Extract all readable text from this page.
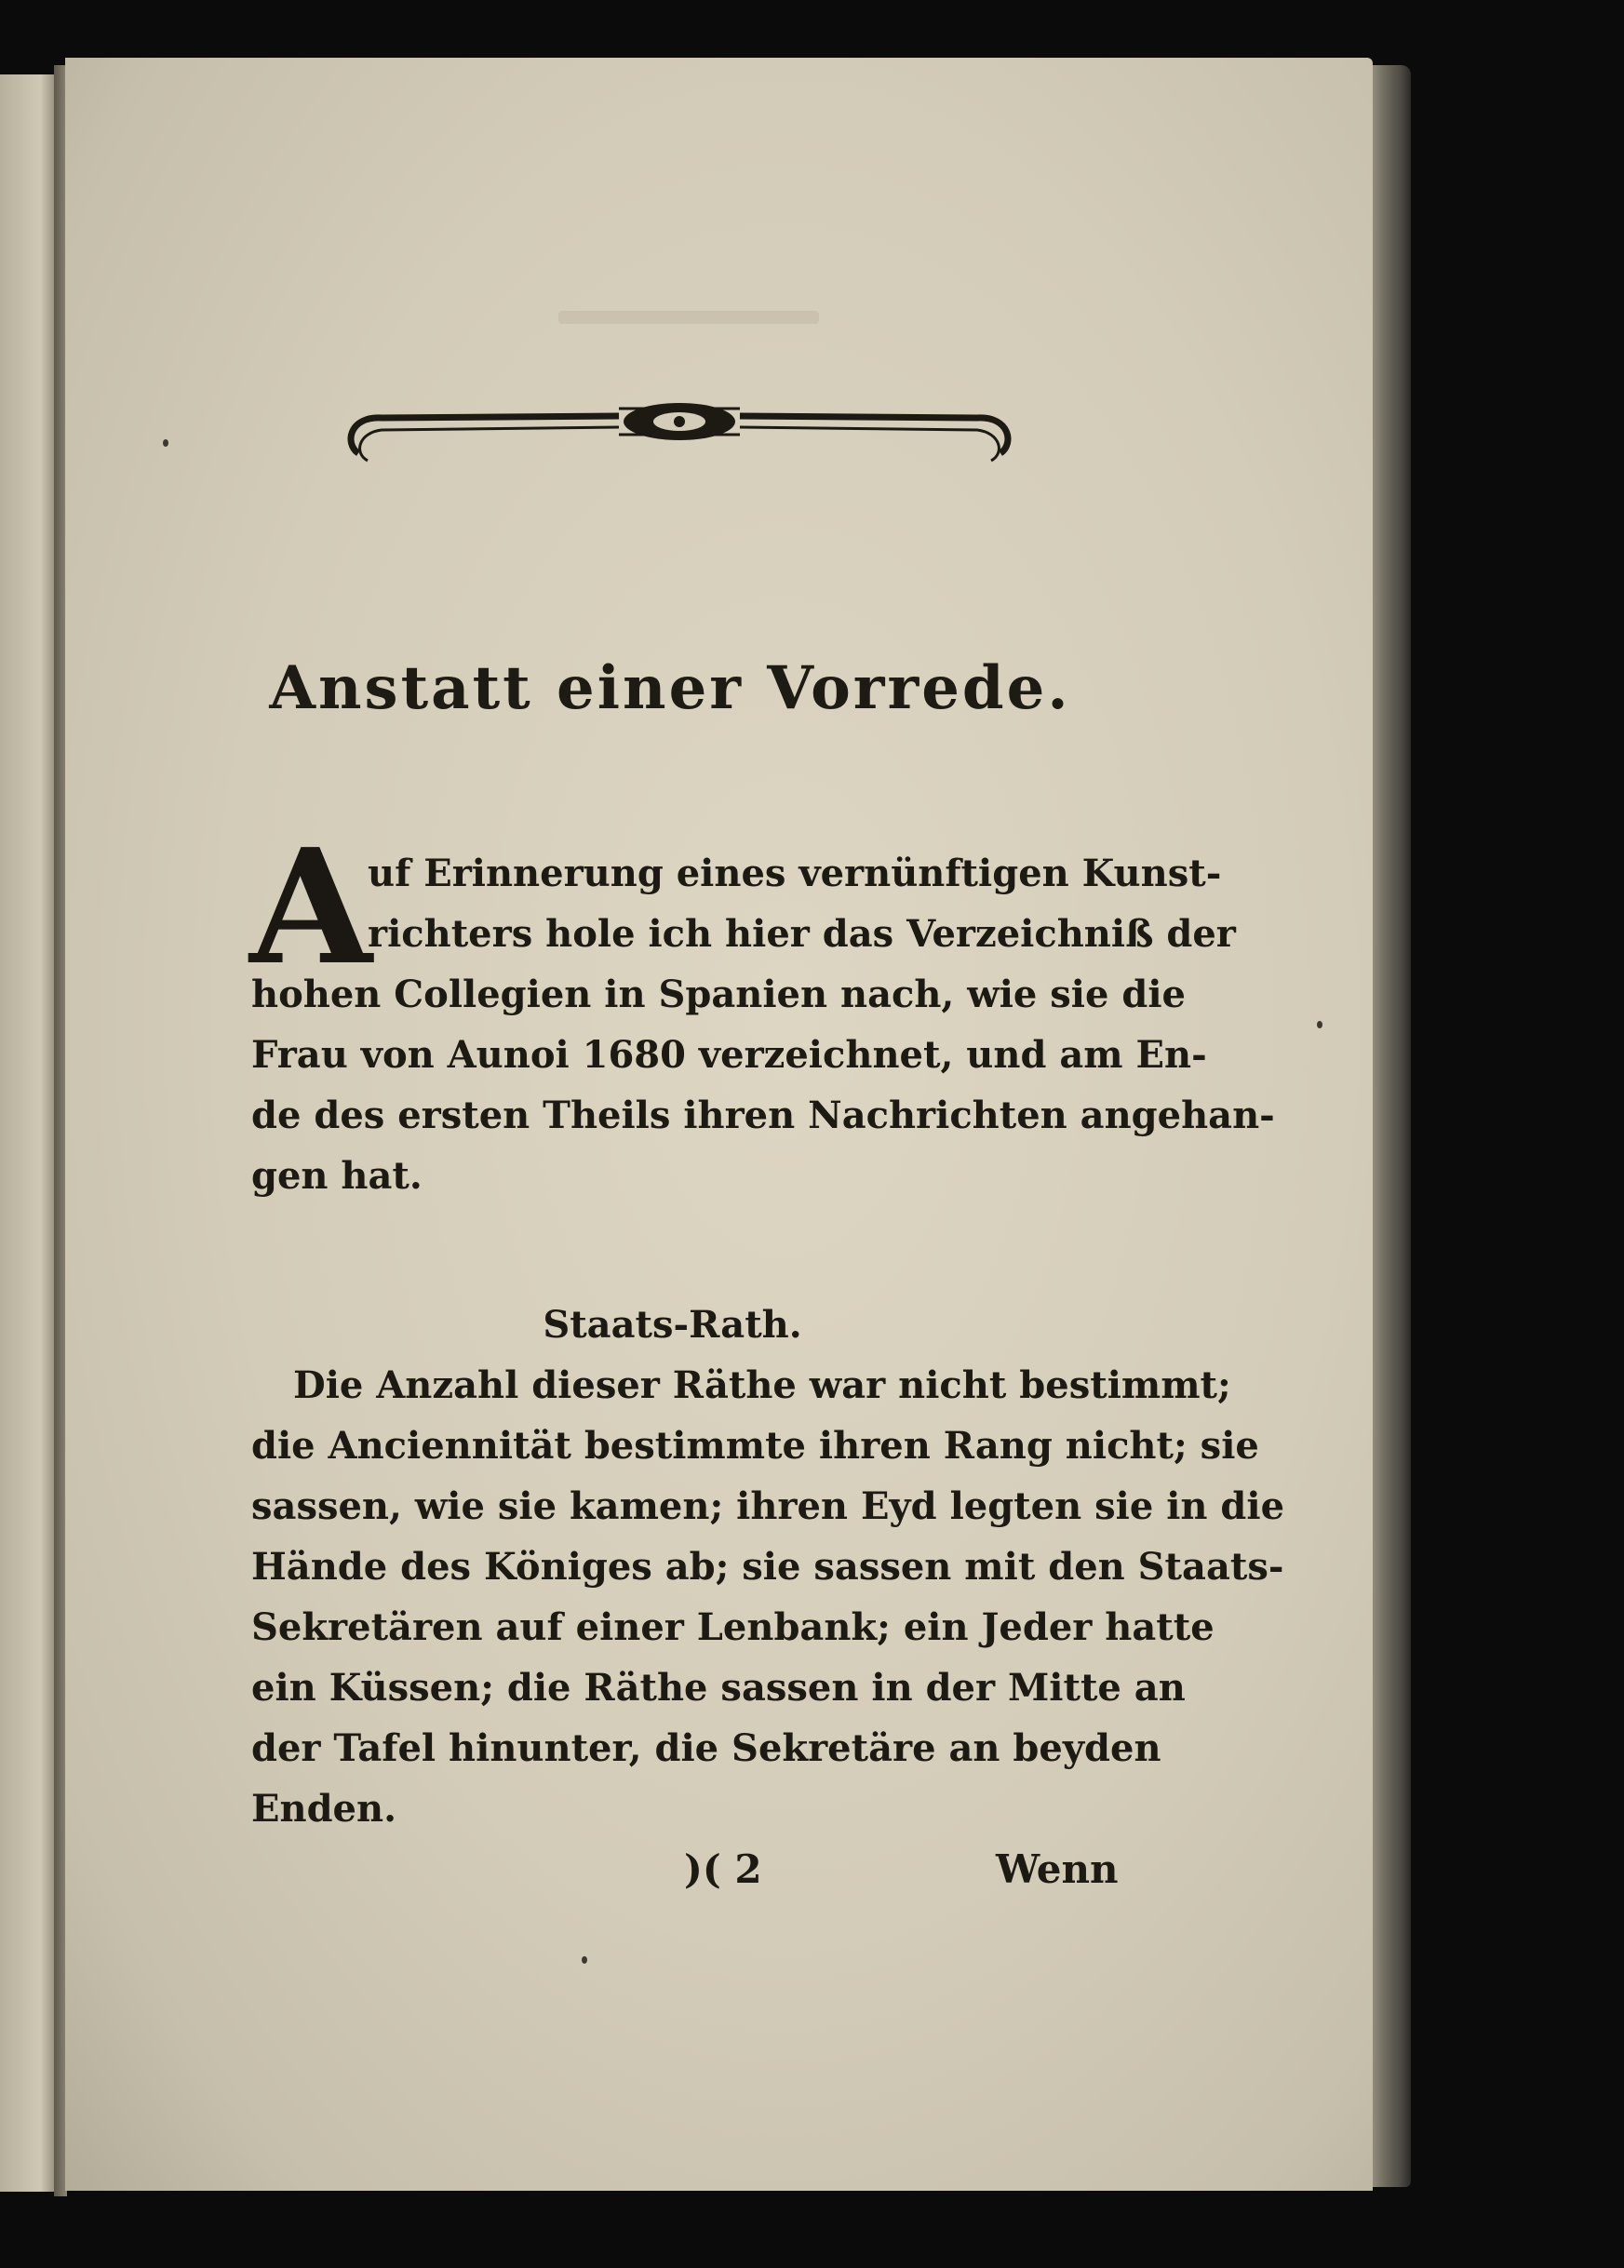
Anstatt einer Vorrede.
A
uf Erinnerung eines vernünftigen Kunst-
richters hole ich hier das Verzeichniß der
hohen Collegien in Spanien nach, wie sie die
Frau von Aunoi 1680 verzeichnet, und am En-
de des ersten Theils ihren Nachrichten angehan-
gen hat.
Staats-Rath.
Die Anzahl dieser Räthe war nicht bestimmt;
die Anciennität bestimmte ihren Rang nicht; sie
sassen, wie sie kamen; ihren Eyd legten sie in die
Hände des Königes ab; sie sassen mit den Staats-
Sekretären auf einer Lenbank; ein Jeder hatte
ein Küssen; die Räthe sassen in der Mitte an
der Tafel hinunter, die Sekretäre an beyden
Enden.
)( 2	Wenn
